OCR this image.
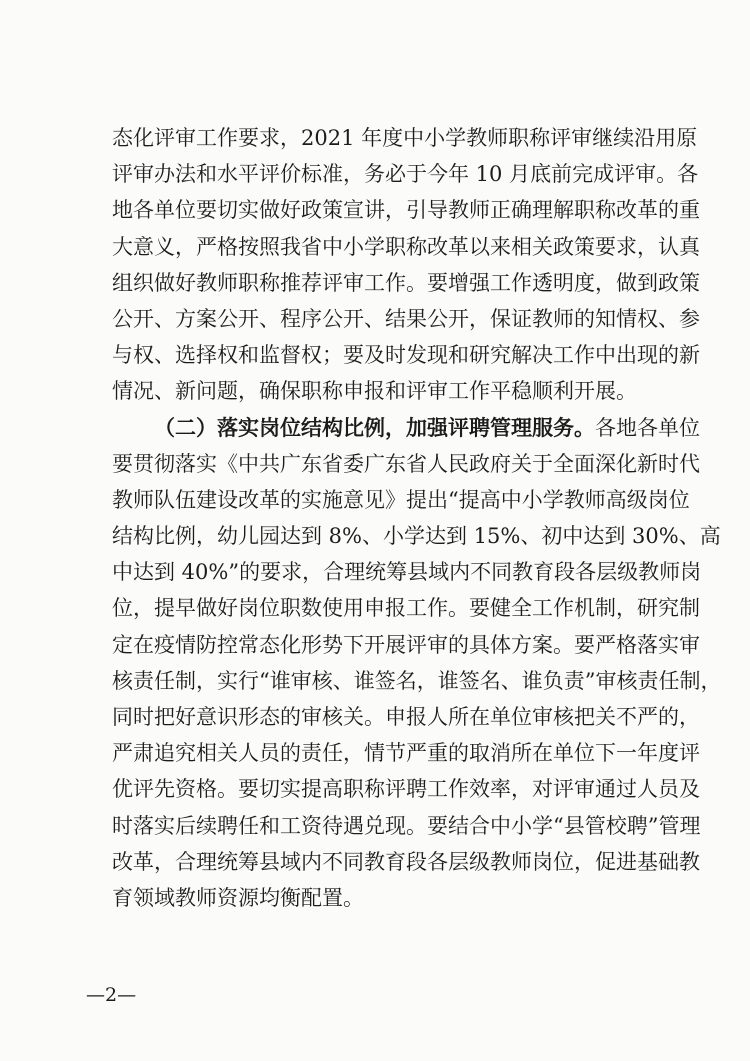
态化评审工作要求，2021 年度中小学教师职称评审继续沿用原
评审办法和水平评价标准，务必于今年 10 月底前完成评审。各
地各单位要切实做好政策宣讲，引导教师正确理解职称改革的重
大意义，严格按照我省中小学职称改革以来相关政策要求，认真
组织做好教师职称推荐评审工作。要增强工作透明度，做到政策
公开、方案公开、程序公开、结果公开，保证教师的知情权、参
与权、选择权和监督权；要及时发现和研究解决工作中出现的新
情况、新问题，确保职称申报和评审工作平稳顺利开展。
（二）落实岗位结构比例，加强评聘管理服务。各地各单位
要贯彻落实《中共广东省委广东省人民政府关于全面深化新时代
教师队伍建设改革的实施意见》提出“提高中小学教师高级岗位
结构比例，幼儿园达到 8%、小学达到 15%、初中达到 30%、高
中达到 40%”的要求，合理统筹县域内不同教育段各层级教师岗
位，提早做好岗位职数使用申报工作。要健全工作机制，研究制
定在疫情防控常态化形势下开展评审的具体方案。要严格落实审
核责任制，实行“谁审核、谁签名，谁签名、谁负责”审核责任制，
同时把好意识形态的审核关。申报人所在单位审核把关不严的，
严肃追究相关人员的责任，情节严重的取消所在单位下一年度评
优评先资格。要切实提高职称评聘工作效率，对评审通过人员及
时落实后续聘任和工资待遇兑现。要结合中小学“县管校聘”管理
改革，合理统筹县域内不同教育段各层级教师岗位，促进基础教
育领域教师资源均衡配置。
—2—
